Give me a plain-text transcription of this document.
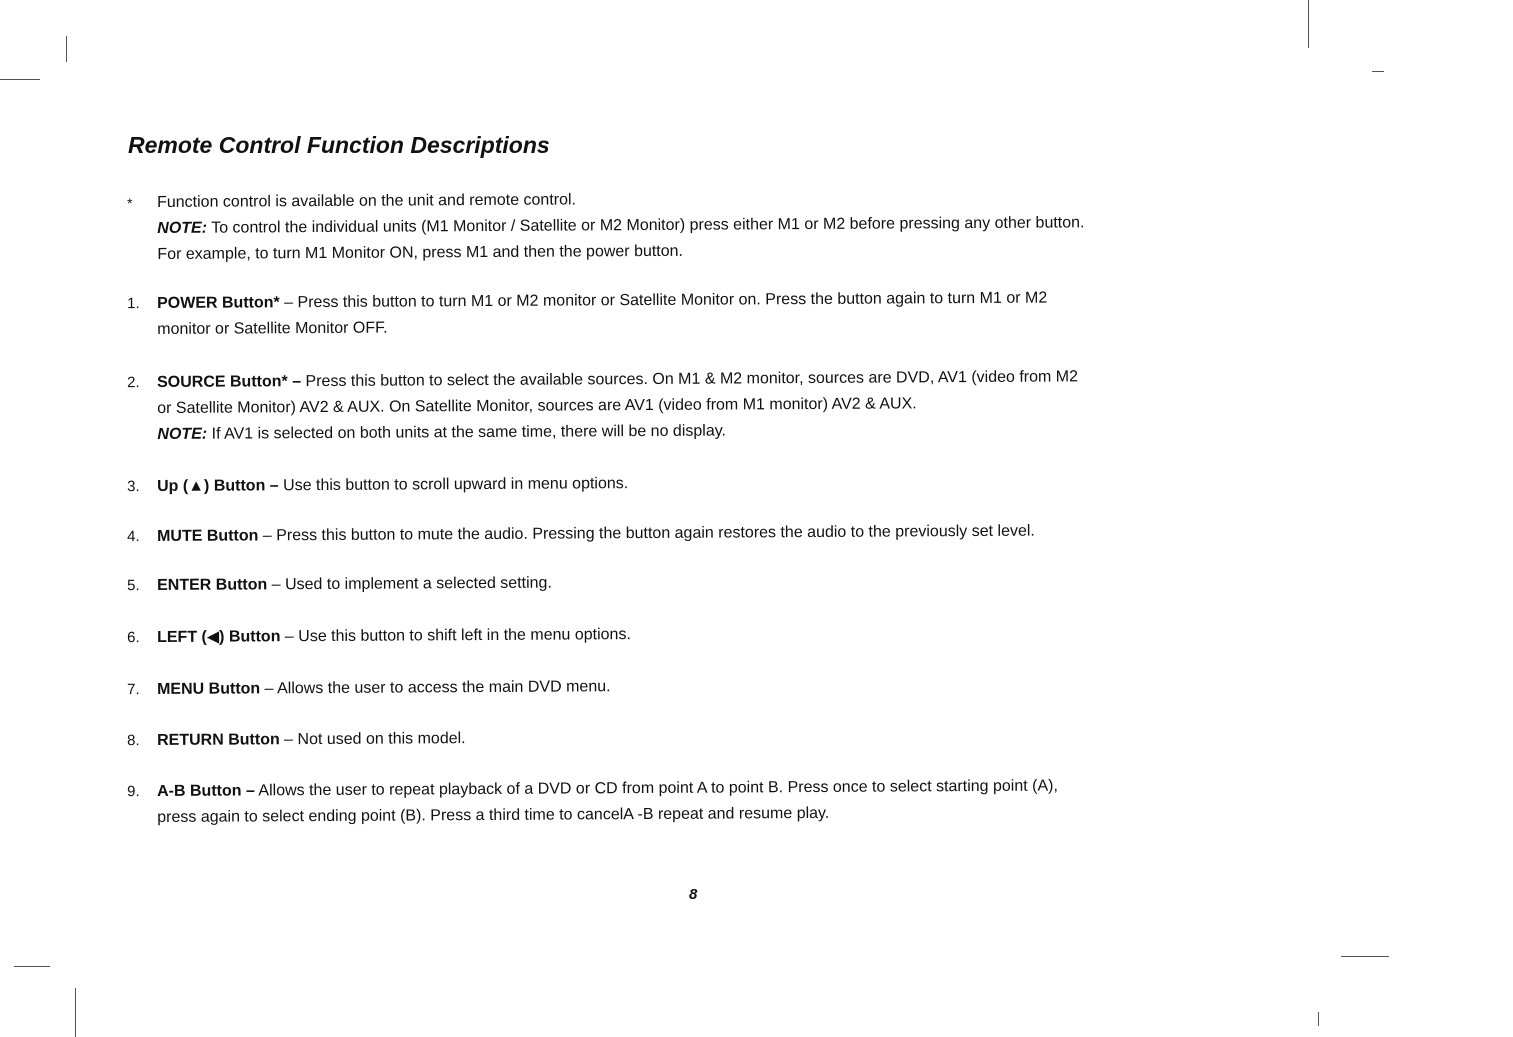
Remote Control Function Descriptions
* Function control is available on the unit and remote control.
NOTE: To control the individual units (M1 Monitor / Satellite or M2 Monitor) press either M1 or M2 before pressing any other button.
For example, to turn M1 Monitor ON, press M1 and then the power button.
1.	POWER Button* – Press this button to turn M1 or M2 monitor or Satellite Monitor on. Press the button again to turn M1 or M2
monitor or Satellite Monitor OFF.
2.	SOURCE Button* – Press this button to select the available sources. On M1 & M2 monitor, sources are DVD, AV1 (video from M2
or Satellite Monitor) AV2 & AUX. On Satellite Monitor, sources are AV1 (video from M1 monitor) AV2 & AUX.
NOTE: If AV1 is selected on both units at the same time, there will be no display.
3.	Up (▲) Button – Use this button to scroll upward in menu options.
4.	MUTE Button – Press this button to mute the audio. Pressing the button again restores the audio to the previously set level.
5.	ENTER Button – Used to implement a selected setting.
6.	LEFT (◀) Button – Use this button to shift left in the menu options.
7.	MENU Button – Allows the user to access the main DVD menu.
8.	RETURN Button – Not used on this model.
9.	A-B Button – Allows the user to repeat playback of a DVD or CD from point A to point B. Press once to select starting point (A),
press again to select ending point (B). Press a third time to cancelA -B repeat and resume play.
8
